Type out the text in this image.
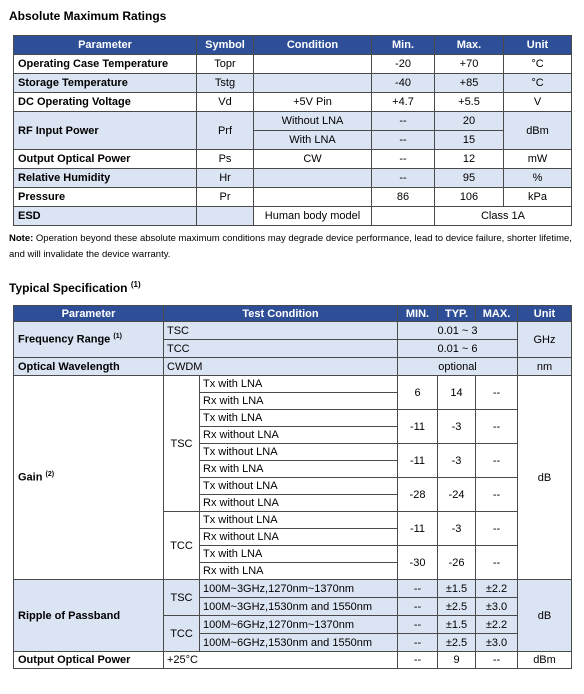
Absolute Maximum Ratings
Parameter	Symbol	Condition	Min.	Max.	Unit
Operating Case Temperature	Topr		-20	+70	°C
Storage Temperature	Tstg		-40	+85	°C
DC Operating Voltage	Vd	+5V Pin	+4.7	+5.5	V
RF Input Power	Prf	Without LNA	--	20	dBm
		With LNA	--	15	
Output Optical Power	Ps	CW	--	12	mW
Relative Humidity	Hr		--	95	%
Pressure	Pr		86	106	kPa
ESD		Human body model		Class 1A	
Note: Operation beyond these absolute maximum conditions may degrade device performance, lead to device failure, shorter lifetime, and will invalidate the device warranty.
Typical Specification $^{(1)}$
Parameter	Test Condition		MIN.	TYP.	MAX.	Unit
Frequency Range $^{(1)}$	TSC		0.01 ~ 3			GHz
	TCC		0.01 ~ 6			
Optical Wavelength	CWDM		optional			nm
Gain $^{(2)}$	TSC	Tx with LNA	6	14	--	dB
		Rx with LNA				
		Tx with LNA	-11	-3	--	
		Rx without LNA				
		Tx without LNA	-11	-3	--	
		Rx with LNA				
		Tx without LNA	-28	-24	--	
		Rx without LNA				
	TCC	Tx without LNA	-11	-3	--	
		Rx without LNA				
		Tx with LNA	-30	-26	--	
		Rx with LNA				
Ripple of Passband	TSC	100M~3GHz,1270nm~1370nm	--	±1.5	±2.2	dB
		100M~3GHz,1530nm and 1550nm	--	±2.5	±3.0	
	TCC	100M~6GHz,1270nm~1370nm	--	±1.5	±2.2	
		100M~6GHz,1530nm and 1550nm	--	±2.5	±3.0	
Output Optical Power	+25°C		--	9	--	dBm
